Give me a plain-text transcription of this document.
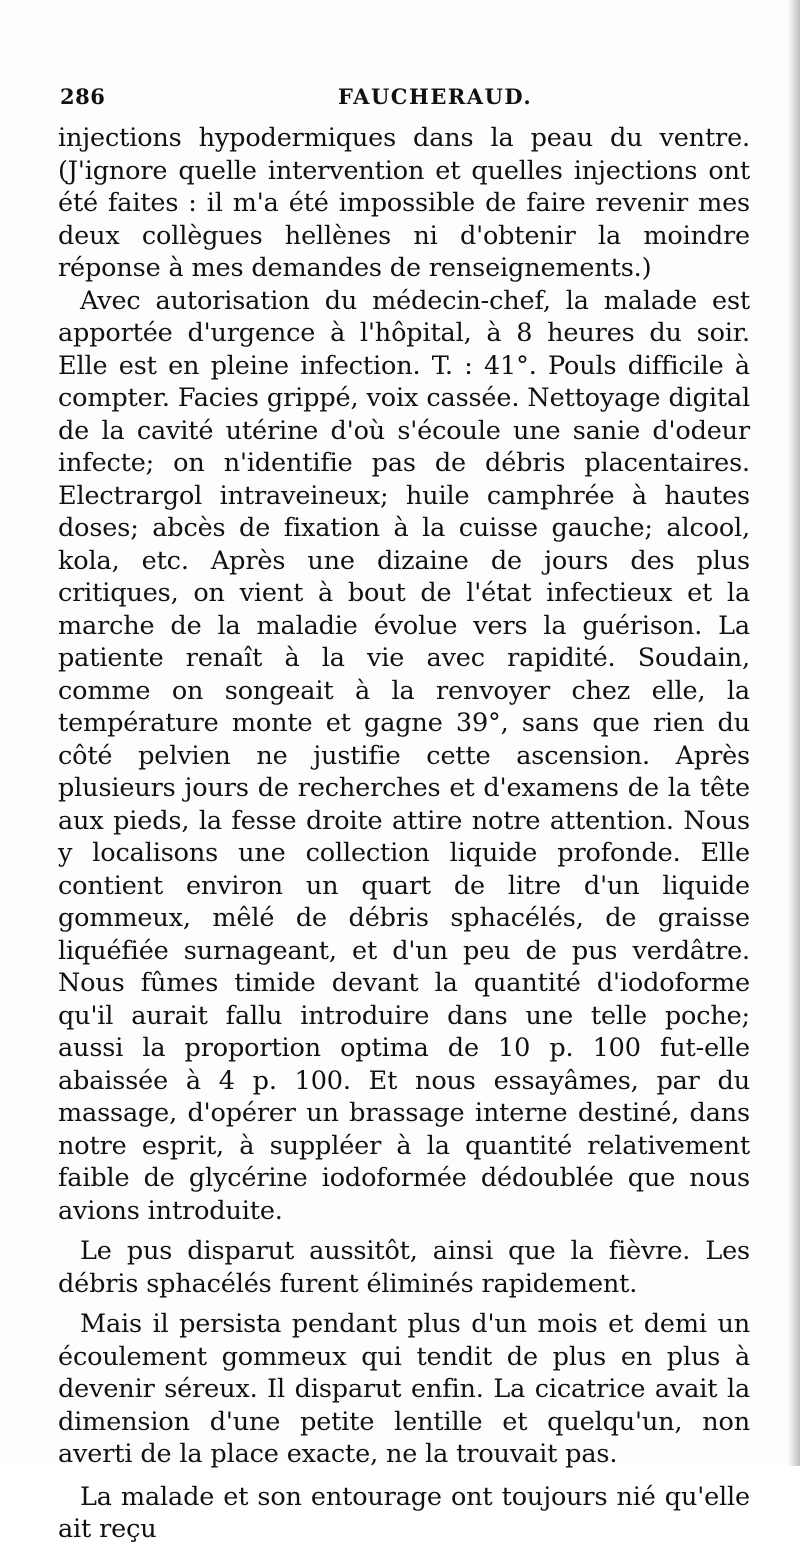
286	FAUCHERAUD.

injections hypodermiques dans la peau du ventre. (J'ignore quelle intervention et quelles injections ont été faites : il m'a été impossible de faire revenir mes deux collègues hellènes ni d'obtenir la moindre réponse à mes demandes de renseignements.)

Avec autorisation du médecin-chef, la malade est apportée d'urgence à l'hôpital, à 8 heures du soir. Elle est en pleine infection. T. : 41°. Pouls difficile à compter. Facies grippé, voix cassée. Nettoyage digital de la cavité utérine d'où s'écoule une sanie d'odeur infecte; on n'identifie pas de débris placentaires. Electrargol intraveineux; huile camphrée à hautes doses; abcès de fixation à la cuisse gauche; alcool, kola, etc. Après une dizaine de jours des plus critiques, on vient à bout de l'état infectieux et la marche de la maladie évolue vers la guérison. La patiente renaît à la vie avec rapidité. Soudain, comme on songeait à la renvoyer chez elle, la température monte et gagne 39°, sans que rien du côté pelvien ne justifie cette ascension. Après plusieurs jours de recherches et d'examens de la tête aux pieds, la fesse droite attire notre attention. Nous y localisons une collection liquide profonde. Elle contient environ un quart de litre d'un liquide gommeux, mêlé de débris sphacélés, de graisse liquéfiée surnageant, et d'un peu de pus verdâtre. Nous fûmes timide devant la quantité d'iodoforme qu'il aurait fallu introduire dans une telle poche; aussi la proportion optima de 10 p. 100 fut-elle abaissée à 4 p. 100. Et nous essayâmes, par du massage, d'opérer un brassage interne destiné, dans notre esprit, à suppléer à la quantité relativement faible de glycérine iodoformée dédoublée que nous avions introduite.

Le pus disparut aussitôt, ainsi que la fièvre. Les débris sphacélés furent éliminés rapidement.

Mais il persista pendant plus d'un mois et demi un écoulement gommeux qui tendit de plus en plus à devenir séreux. Il disparut enfin. La cicatrice avait la dimension d'une petite lentille et quelqu'un, non averti de la place exacte, ne la trouvait pas.

La malade et son entourage ont toujours nié qu'elle ait reçu
